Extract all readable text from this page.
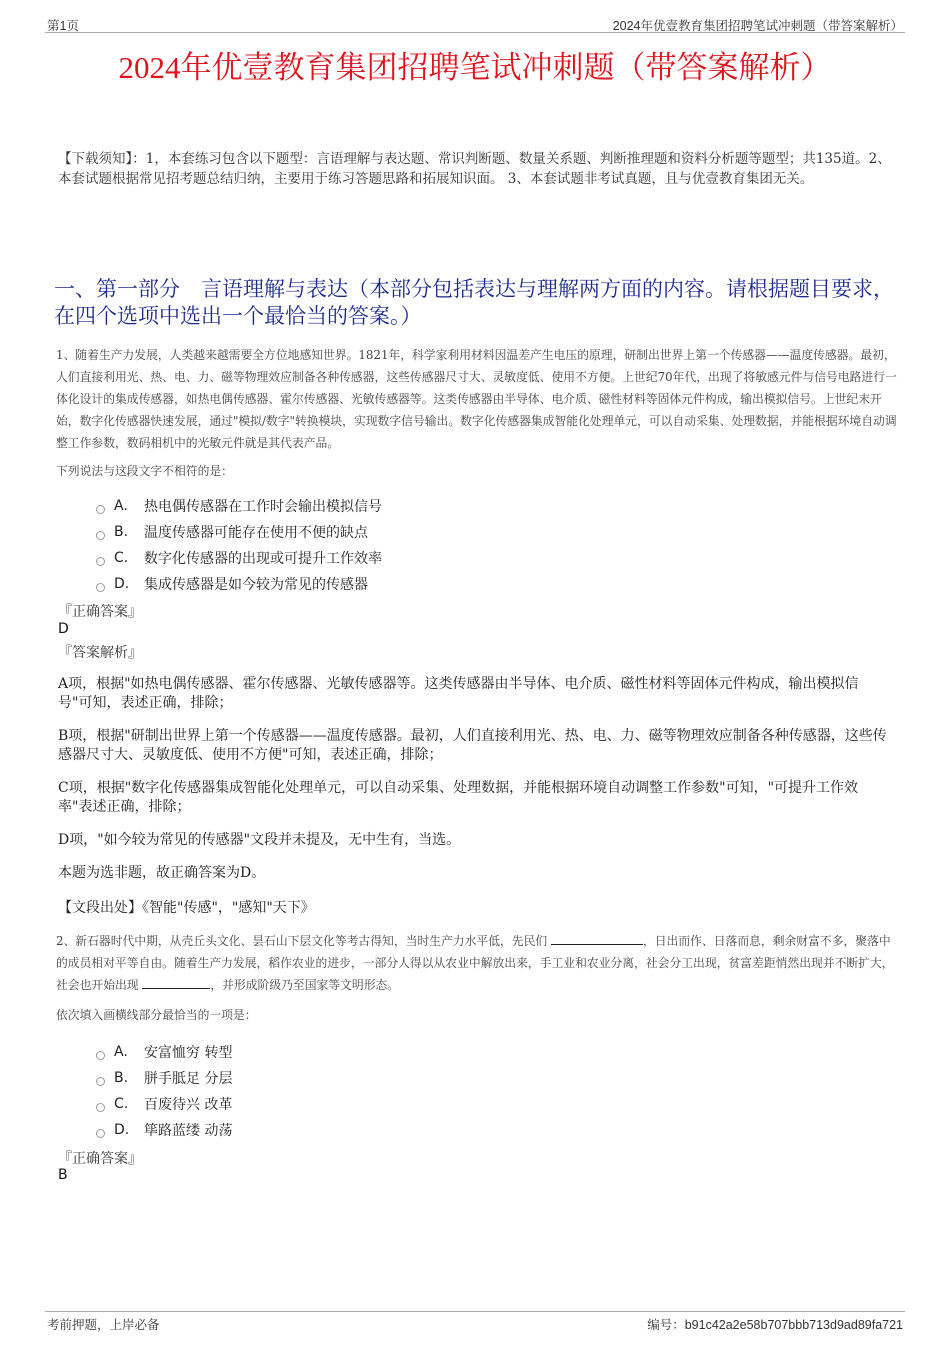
第1页	2024年优壹教育集团招聘笔试冲刺题（带答案解析）
2024年优壹教育集团招聘笔试冲刺题（带答案解析）
【下载须知】：1，本套练习包含以下题型：言语理解与表达题、常识判断题、数量关系题、判断推理题和资料分析题等题型；共135道。2、本套试题根据常见招考题总结归纳，主要用于练习答题思路和拓展知识面。 3、本套试题非考试真题，且与优壹教育集团无关。
一、第一部分　言语理解与表达（本部分包括表达与理解两方面的内容。请根据题目要求，在四个选项中选出一个最恰当的答案。）
1、随着生产力发展，人类越来越需要全方位地感知世界。1821年，科学家利用材料因温差产生电压的原理，研制出世界上第一个传感器——温度传感器。最初，人们直接利用光、热、电、力、磁等物理效应制备各种传感器，这些传感器尺寸大、灵敏度低、使用不方便。上世纪70年代，出现了将敏感元件与信号电路进行一体化设计的集成传感器，如热电偶传感器、霍尔传感器、光敏传感器等。这类传感器由半导体、电介质、磁性材料等固体元件构成，输出模拟信号。上世纪末开始，数字化传感器快速发展，通过"模拟/数字"转换模块，实现数字信号输出。数字化传感器集成智能化处理单元，可以自动采集、处理数据，并能根据环境自动调整工作参数，数码相机中的光敏元件就是其代表产品。
下列说法与这段文字不相符的是：
A.	热电偶传感器在工作时会输出模拟信号
B.	温度传感器可能存在使用不便的缺点
C.	数字化传感器的出现或可提升工作效率
D.	集成传感器是如今较为常见的传感器
『正确答案』
D
『答案解析』
A项，根据"如热电偶传感器、霍尔传感器、光敏传感器等。这类传感器由半导体、电介质、磁性材料等固体元件构成，输出模拟信号"可知，表述正确，排除；
B项，根据"研制出世界上第一个传感器——温度传感器。最初，人们直接利用光、热、电、力、磁等物理效应制备各种传感器，这些传感器尺寸大、灵敏度低、使用不方便"可知，表述正确，排除；
C项，根据"数字化传感器集成智能化处理单元，可以自动采集、处理数据，并能根据环境自动调整工作参数"可知，"可提升工作效率"表述正确，排除；
D项，"如今较为常见的传感器"文段并未提及，无中生有，当选。
本题为选非题，故正确答案为D。
【文段出处】《智能"传感"，"感知"天下》
2、新石器时代中期，从壳丘头文化、昙石山下层文化等考古得知，当时生产力水平低，先民们	，日出而作、日落而息，剩余财富不多，聚落中的成员相对平等自由。随着生产力发展，稻作农业的进步，一部分人得以从农业中解放出来，手工业和农业分离，社会分工出现，贫富差距悄然出现并不断扩大，社会也开始出现	，并形成阶级乃至国家等文明形态。
依次填入画横线部分最恰当的一项是：
A.	安富恤穷 转型
B.	胼手胝足 分层
C.	百废待兴 改革
D.	筚路蓝缕 动荡
『正确答案』
B
考前押题，上岸必备	编号：b91c42a2e58b707bbb713d9ad89fa721
